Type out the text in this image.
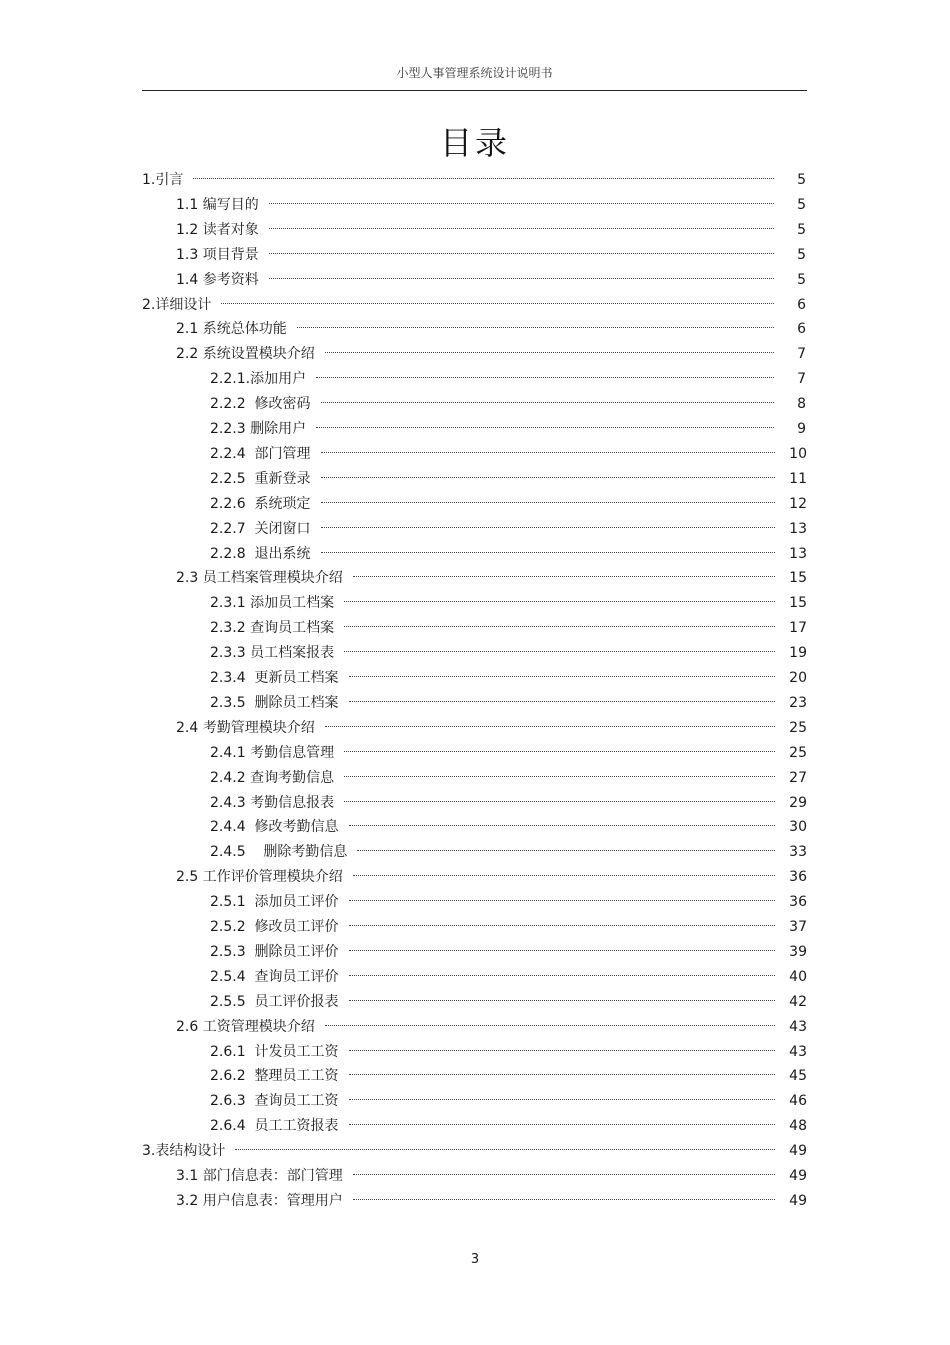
小型人事管理系统设计说明书
目录
1.引言	5
1.1 编写目的	5
1.2 读者对象	5
1.3 项目背景	5
1.4 参考资料	5
2.详细设计	6
2.1 系统总体功能	6
2.2 系统设置模块介绍	7
2.2.1.添加用户	7
2.2.2  修改密码	8
2.2.3 删除用户	9
2.2.4  部门管理	10
2.2.5  重新登录	11
2.2.6  系统琐定	12
2.2.7  关闭窗口	13
2.2.8  退出系统	13
2.3 员工档案管理模块介绍	15
2.3.1 添加员工档案	15
2.3.2 查询员工档案	17
2.3.3 员工档案报表	19
2.3.4  更新员工档案	20
2.3.5  删除员工档案	23
2.4 考勤管理模块介绍	25
2.4.1 考勤信息管理	25
2.4.2 查询考勤信息	27
2.4.3 考勤信息报表	29
2.4.4  修改考勤信息	30
2.4.5    删除考勤信息	33
2.5 工作评价管理模块介绍	36
2.5.1  添加员工评价	36
2.5.2  修改员工评价	37
2.5.3  删除员工评价	39
2.5.4  查询员工评价	40
2.5.5  员工评价报表	42
2.6 工资管理模块介绍	43
2.6.1  计发员工工资	43
2.6.2  整理员工工资	45
2.6.3  查询员工工资	46
2.6.4  员工工资报表	48
3.表结构设计	49
3.1 部门信息表：部门管理	49
3.2 用户信息表：管理用户	49
3
